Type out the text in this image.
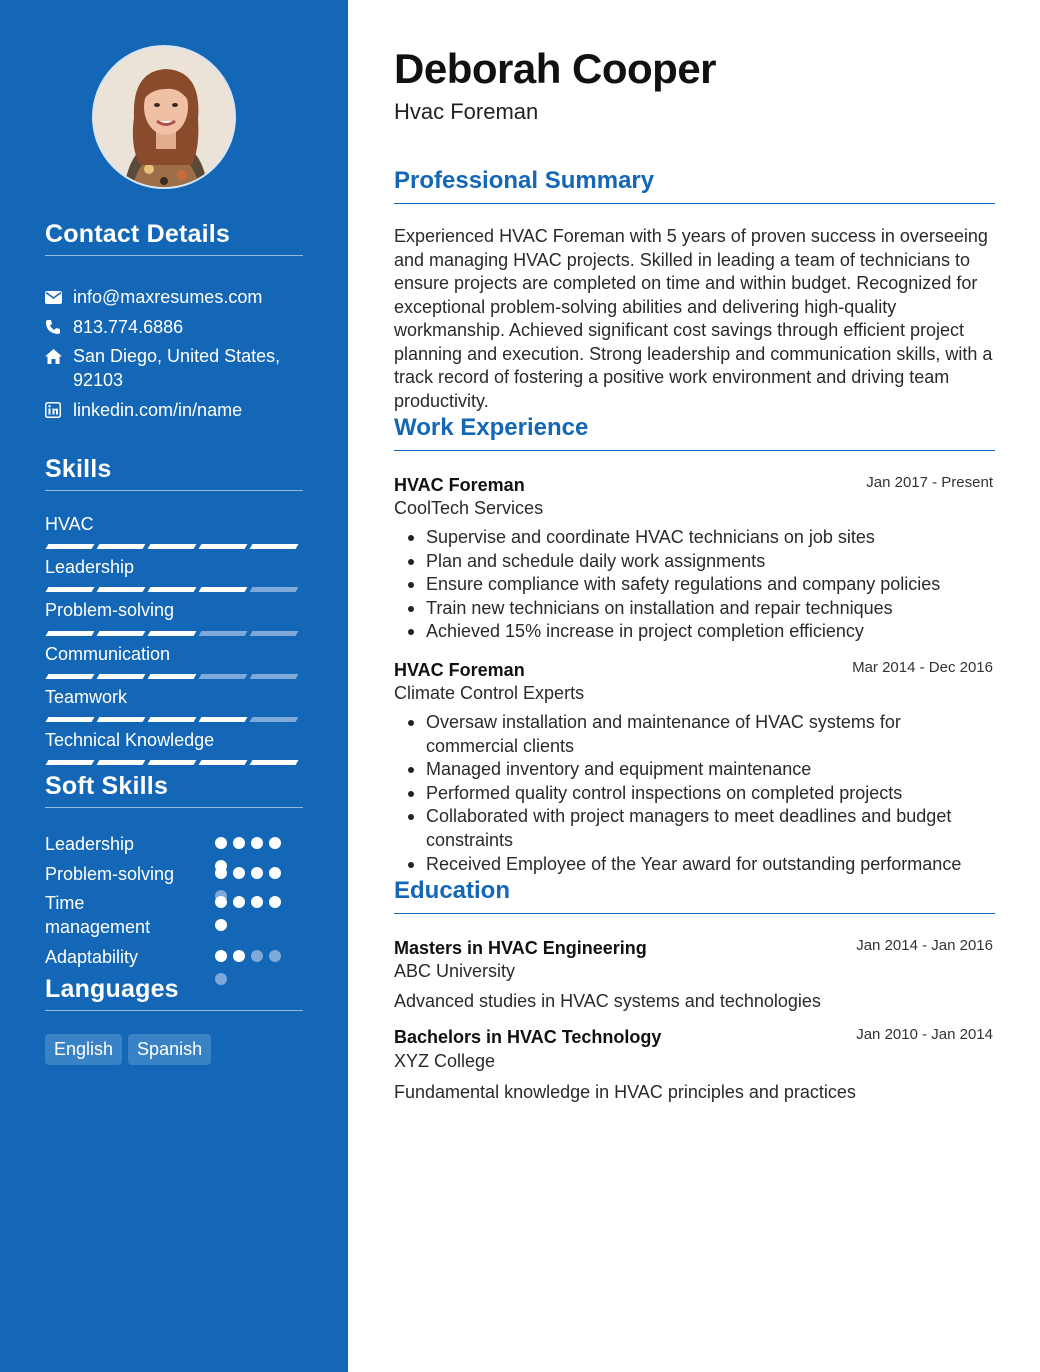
Contact Details
info@maxresumes.com
813.774.6886
San Diego, United States, 92103
linkedin.com/in/name
Skills
HVAC
Leadership
Problem-solving
Communication
Teamwork
Technical Knowledge
Soft Skills
Leadership
Problem-solving
Time management
Adaptability
Languages
English	Spanish
Deborah Cooper
Hvac Foreman
Professional Summary
Experienced HVAC Foreman with 5 years of proven success in overseeing and managing HVAC projects. Skilled in leading a team of technicians to ensure projects are completed on time and within budget. Recognized for exceptional problem-solving abilities and delivering high-quality workmanship. Achieved significant cost savings through efficient project planning and execution. Strong leadership and communication skills, with a track record of fostering a positive work environment and driving team productivity.
Work Experience
HVAC Foreman	Jan 2017 - Present
CoolTech Services
Supervise and coordinate HVAC technicians on job sites
Plan and schedule daily work assignments
Ensure compliance with safety regulations and company policies
Train new technicians on installation and repair techniques
Achieved 15% increase in project completion efficiency
HVAC Foreman	Mar 2014 - Dec 2016
Climate Control Experts
Oversaw installation and maintenance of HVAC systems for commercial clients
Managed inventory and equipment maintenance
Performed quality control inspections on completed projects
Collaborated with project managers to meet deadlines and budget constraints
Received Employee of the Year award for outstanding performance
Education
Masters in HVAC Engineering	Jan 2014 - Jan 2016
ABC University
Advanced studies in HVAC systems and technologies
Bachelors in HVAC Technology	Jan 2010 - Jan 2014
XYZ College
Fundamental knowledge in HVAC principles and practices
